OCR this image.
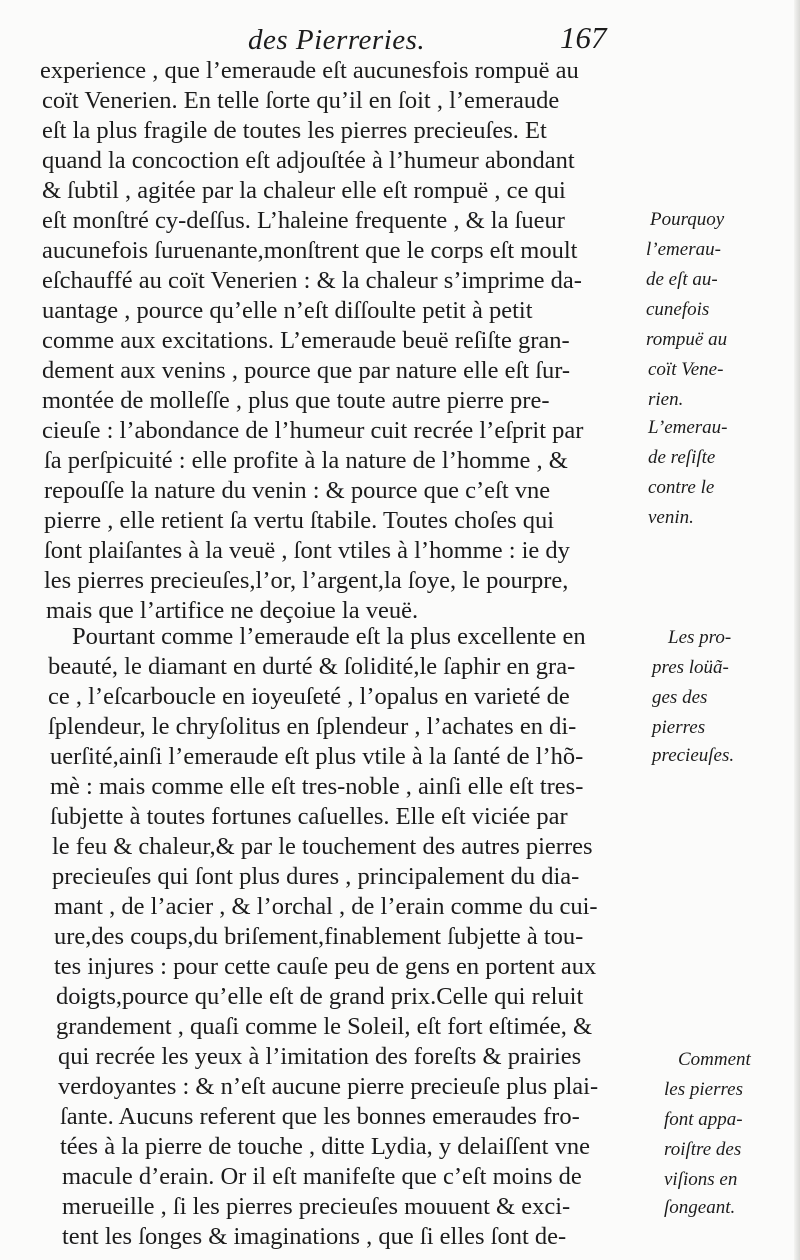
des Pierreries.	167
experience , que l’emeraude eſt aucunesfois rompuë au
coït Venerien. En telle ſorte qu’il en ſoit , l’emeraude
eſt la plus fragile de toutes les pierres precieuſes. Et
quand la concoction eſt adjouſtée à l’humeur abondant
& ſubtil , agitée par la chaleur elle eſt rompuë , ce qui
eſt monſtré cy-deſſus. L’haleine frequente , & la ſueur
aucunefois ſuruenante,monſtrent que le corps eſt moult
eſchauffé au coït Venerien : & la chaleur s’imprime da-
uantage , pource qu’elle n’eſt diſſoulte petit à petit
comme aux excitations. L’emeraude beuë reſiſte gran-
dement aux venins , pource que par nature elle eſt ſur-
montée de molleſſe , plus que toute autre pierre pre-
cieuſe : l’abondance de l’humeur cuit recrée l’eſprit par
ſa perſpicuité : elle profite à la nature de l’homme , &
repouſſe la nature du venin : & pource que c’eſt vne
pierre , elle retient ſa vertu ſtabile. Toutes choſes qui
ſont plaiſantes à la veuë , ſont vtiles à l’homme : ie dy
les pierres precieuſes,l’or, l’argent,la ſoye, le pourpre,
mais que l’artifice ne deçoiue la veuë.
Pourtant comme l’emeraude eſt la plus excellente en
beauté, le diamant en durté & ſolidité,le ſaphir en gra-
ce , l’eſcarboucle en ioyeuſeté , l’opalus en varieté de
ſplendeur, le chryſolitus en ſplendeur , l’achates en di-
uerſité,ainſi l’emeraude eſt plus vtile à la ſanté de l’hõ-
mè : mais comme elle eſt tres-noble , ainſi elle eſt tres-
ſubjette à toutes fortunes caſuelles. Elle eſt viciée par
le feu & chaleur,& par le touchement des autres pierres
precieuſes qui ſont plus dures , principalement du dia-
mant , de l’acier , & l’orchal , de l’erain comme du cui-
ure,des coups,du briſement,finablement ſubjette à tou-
tes injures : pour cette cauſe peu de gens en portent aux
doigts,pource qu’elle eſt de grand prix.Celle qui reluit
grandement , quaſi comme le Soleil, eſt fort eſtimée, &
qui recrée les yeux à l’imitation des foreſts & prairies
verdoyantes : & n’eſt aucune pierre precieuſe plus plai-
ſante. Aucuns referent que les bonnes emeraudes fro-
tées à la pierre de touche , ditte Lydia, y delaiſſent vne
macule d’erain. Or il eſt manifeſte que c’eſt moins de
merueille , ſi les pierres precieuſes mouuent & exci-
tent les ſonges & imaginations , que ſi elles ſont de-
Pourquoy
l’emerau-
de eſt au-
cunefois
rompuë au
coït Vene-
rien.
L’emerau-
de reſiſte
contre le
venin.
Les pro-
pres loüã-
ges des
pierres
precieuſes.
Comment
les pierres
font appa-
roiſtre des
viſions en
ſongeant.
